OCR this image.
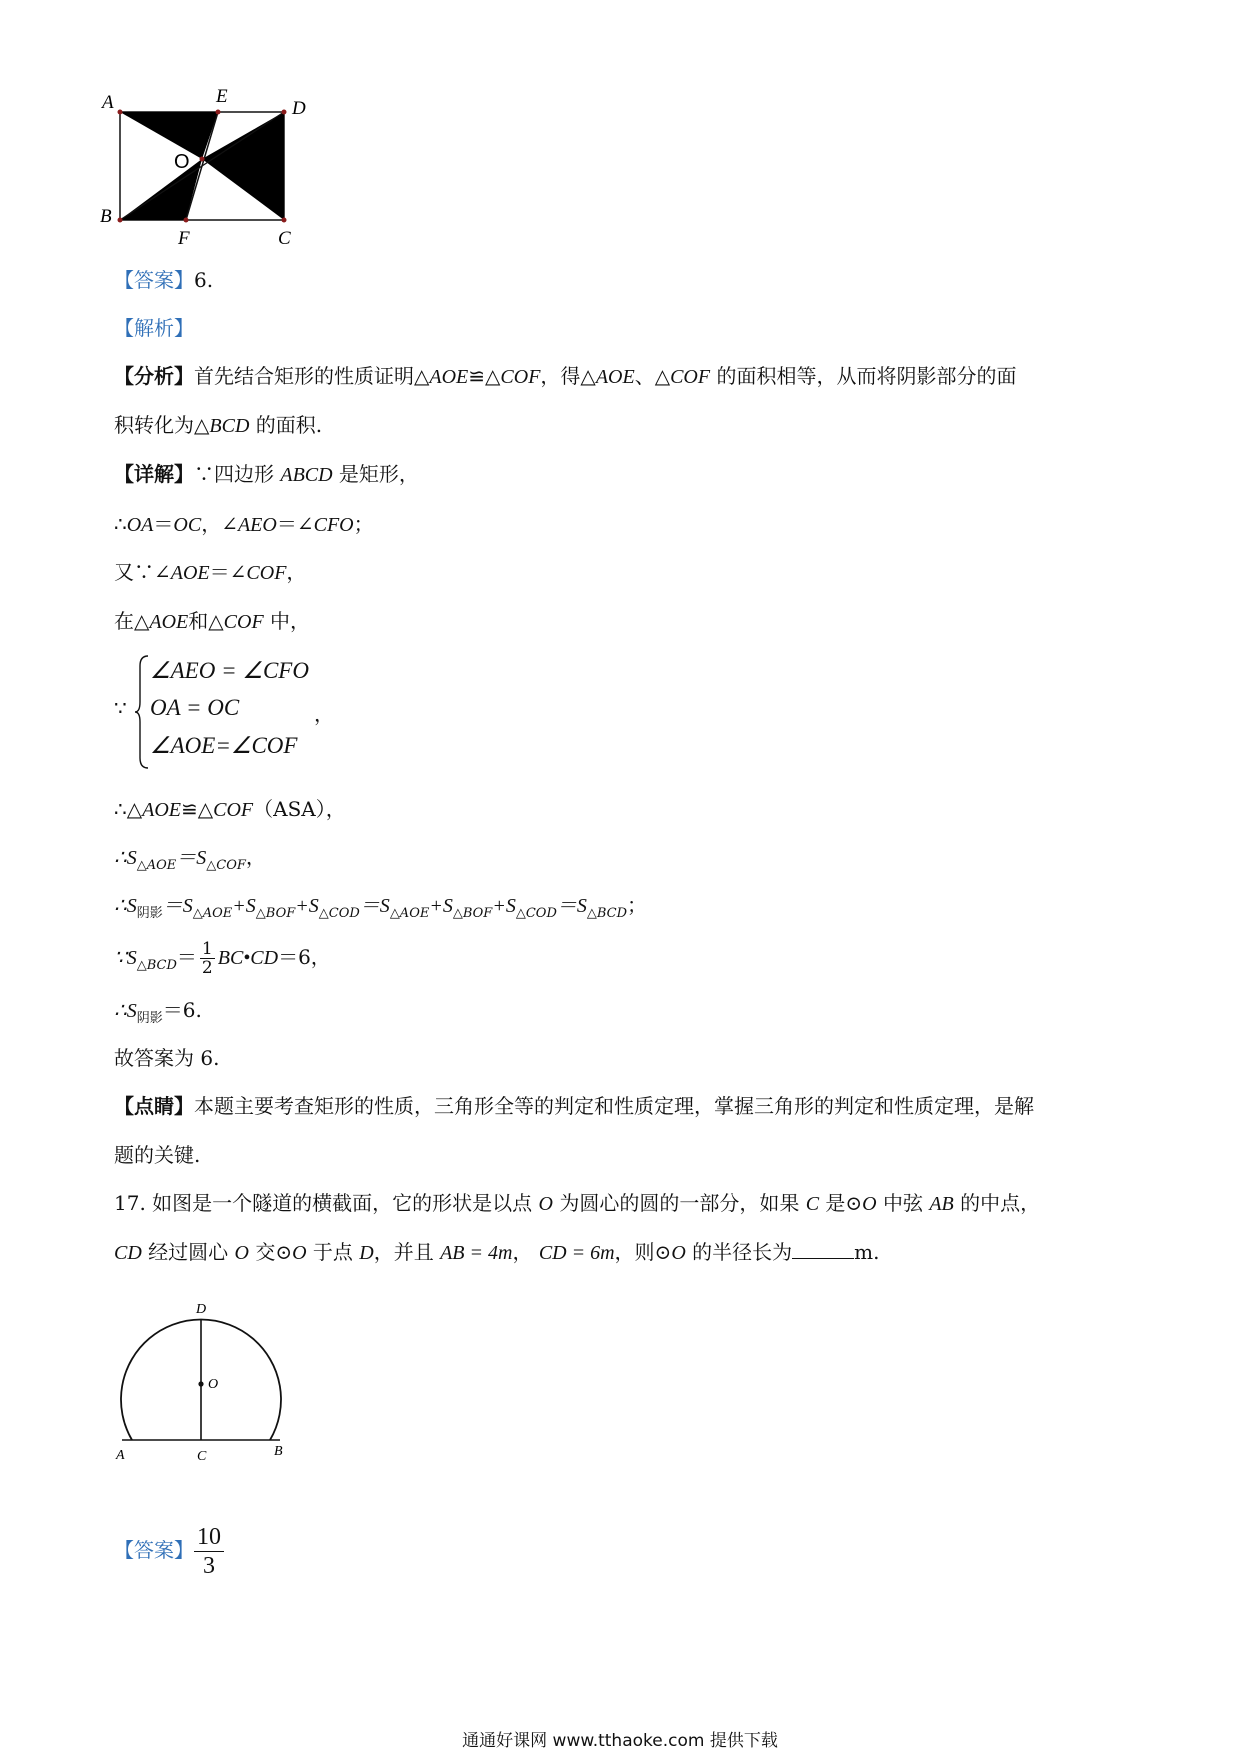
A	E
D
O
B
F	C
【答案】6.
【解析】
【分析】首先结合矩形的性质证明△AOE≌△COF，得△AOE、△COF 的面积相等，从而将阴影部分的面
积转化为△BCD 的面积.
【详解】∵四边形 ABCD 是矩形，
∴OA＝OC，∠AEO＝∠CFO；
又∵∠AOE＝∠COF，
在△AOE和△COF 中，
∵
∠AEO = ∠CFO
OA = OC
∠AOE=∠COF
，
∴△AOE≌△COF（ASA），
$\therefore S_{\triangle AOE}=S_{\triangle COF}$，
$\therefore S_{阴影}=S_{\triangle AOE}+S_{\triangle BOF}+S_{\triangle COD}=S_{\triangle AOE}+S_{\triangle BOF}+S_{\triangle COD}=S_{\triangle BCD}$；
$\because S_{\triangle BCD}= \frac{1}{2}$ BC•CD＝6，
$\therefore S_{阴影}=6$.
故答案为 6.
【点睛】本题主要考查矩形的性质，三角形全等的判定和性质定理，掌握三角形的判定和性质定理，是解
题的关键.
17. 如图是一个隧道的横截面，它的形状是以点 O 为圆心的圆的一部分，如果 C 是⊙O 中弦 AB 的中点，
CD 经过圆心 O 交⊙O 于点 D，并且 AB = 4m， CD = 6m，则⊙O 的半径长为	m.
D
O
A	C	B
【答案】 $\frac{10}{3}$
通通好课网 www.tthaoke.com 提供下载
